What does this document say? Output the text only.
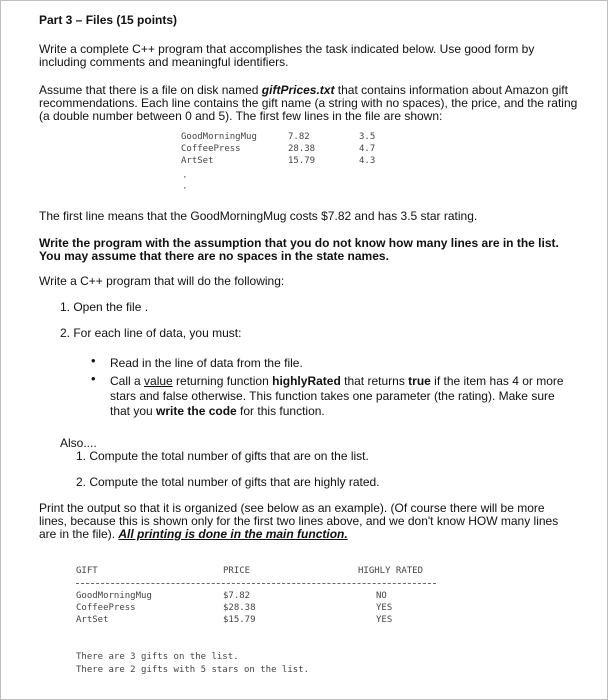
Part 3 – Files (15 points)
Write a complete C++ program that accomplishes the task indicated below. Use good form by
including comments and meaningful identifiers.
Assume that there is a file on disk named giftPrices.txt that contains information about Amazon gift
recommendations. Each line contains the gift name (a string with no spaces), the price, and the rating
(a double number between 0 and 5). The first few lines in the file are shown:
GoodMorningMug	7.82	3.5
CoffeePress	28.38	4.7
ArtSet	15.79	4.3
·
·
The first line means that the GoodMorningMug costs $7.82 and has 3.5 star rating.
Write the program with the assumption that you do not know how many lines are in the list.
You may assume that there are no spaces in the state names.
Write a C++ program that will do the following:
1. Open the file .
2. For each line of data, you must:
• Read in the line of data from the file.
• Call a value returning function highlyRated that returns true if the item has 4 or more
stars and false otherwise. This function takes one parameter (the rating). Make sure
that you write the code for this function.
Also....
1. Compute the total number of gifts that are on the list.
2. Compute the total number of gifts that are highly rated.
Print the output so that it is organized (see below as an example). (Of course there will be more
lines, because this is shown only for the first two lines above, and we don't know HOW many lines
are in the file). All printing is done in the main function.
GIFT	PRICE	HIGHLY RATED
GoodMorningMug	$7.82	NO
CoffeePress	$28.38	YES
ArtSet	$15.79	YES
There are 3 gifts on the list.
There are 2 gifts with 5 stars on the list.
